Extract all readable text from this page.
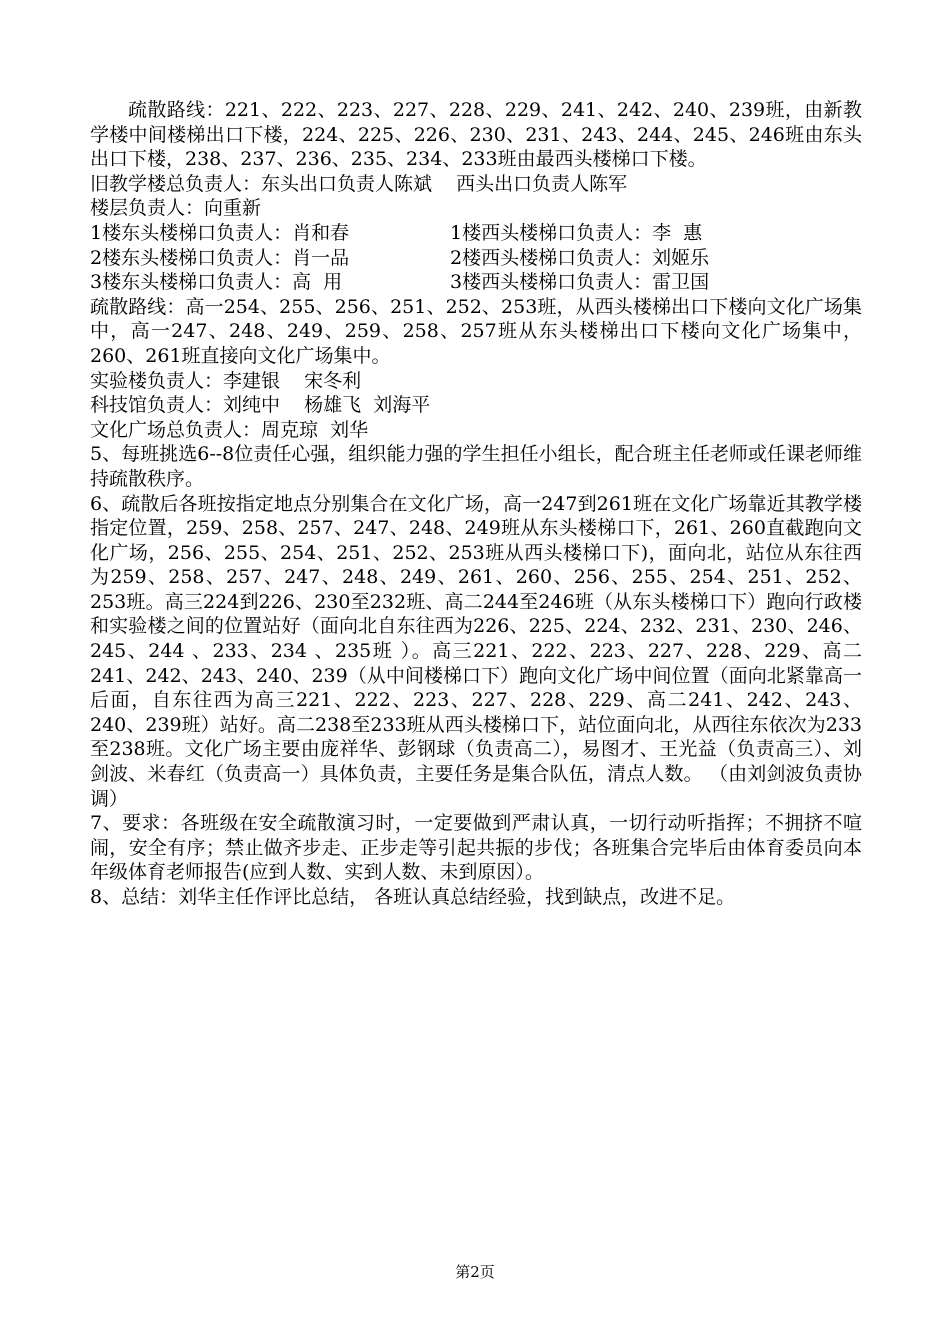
疏散路线：221、222、223、227、228、229、241、242、240、239班，由新教学楼中间楼梯出口下楼，224、225、226、230、231、243、244、245、246班由东头出口下楼，238、237、236、235、234、233班由最西头楼梯口下楼。

旧教学楼总负责人：东头出口负责人陈斌    西头出口负责人陈军

楼层负责人：向重新

1楼东头楼梯口负责人：肖和春	1楼西头楼梯口负责人：李  惠
2楼东头楼梯口负责人：肖一品	2楼西头楼梯口负责人：刘姬乐
3楼东头楼梯口负责人：高  用	3楼西头楼梯口负责人：雷卫国

疏散路线：高一254、255、256、251、252、253班，从西头楼梯出口下楼向文化广场集中，高一247、248、249、259、258、257班从东头楼梯出口下楼向文化广场集中，260、261班直接向文化广场集中。

实验楼负责人：李建银    宋冬利

科技馆负责人：刘纯中    杨雄飞  刘海平

文化广场总负责人：周克琼  刘华

5、每班挑选6--8位责任心强，组织能力强的学生担任小组长，配合班主任老师或任课老师维持疏散秩序。

6、疏散后各班按指定地点分别集合在文化广场，高一247到261班在文化广场靠近其教学楼指定位置，259、258、257、247、248、249班从东头楼梯口下，261、260直截跑向文化广场，256、255、254、251、252、253班从西头楼梯口下)，面向北，站位从东往西为259、258、257、247、248、249、261、260、256、255、254、251、252、253班。高三224到226、230至232班、高二244至246班（从东头楼梯口下）跑向行政楼和实验楼之间的位置站好（面向北自东往西为226、225、224、232、231、230、246、245、244 、233、234 、235班 ）。高三221、222、223、227、228、229、高二241、242、243、240、239（从中间楼梯口下）跑向文化广场中间位置（面向北紧靠高一后面，自东往西为高三221、222、223、227、228、229、高二241、242、243、240、239班）站好。高二238至233班从西头楼梯口下，站位面向北，从西往东依次为233至238班。文化广场主要由庞祥华、彭钢球（负责高二），易图才、王光益（负责高三）、刘剑波、米春红（负责高一）具体负责，主要任务是集合队伍，清点人数。 （由刘剑波负责协调）

7、要求：各班级在安全疏散演习时，一定要做到严肃认真，一切行动听指挥；不拥挤不喧闹，安全有序；禁止做齐步走、正步走等引起共振的步伐；各班集合完毕后由体育委员向本年级体育老师报告(应到人数、实到人数、未到原因）。

8、总结：刘华主任作评比总结， 各班认真总结经验，找到缺点，改进不足。

第2页
